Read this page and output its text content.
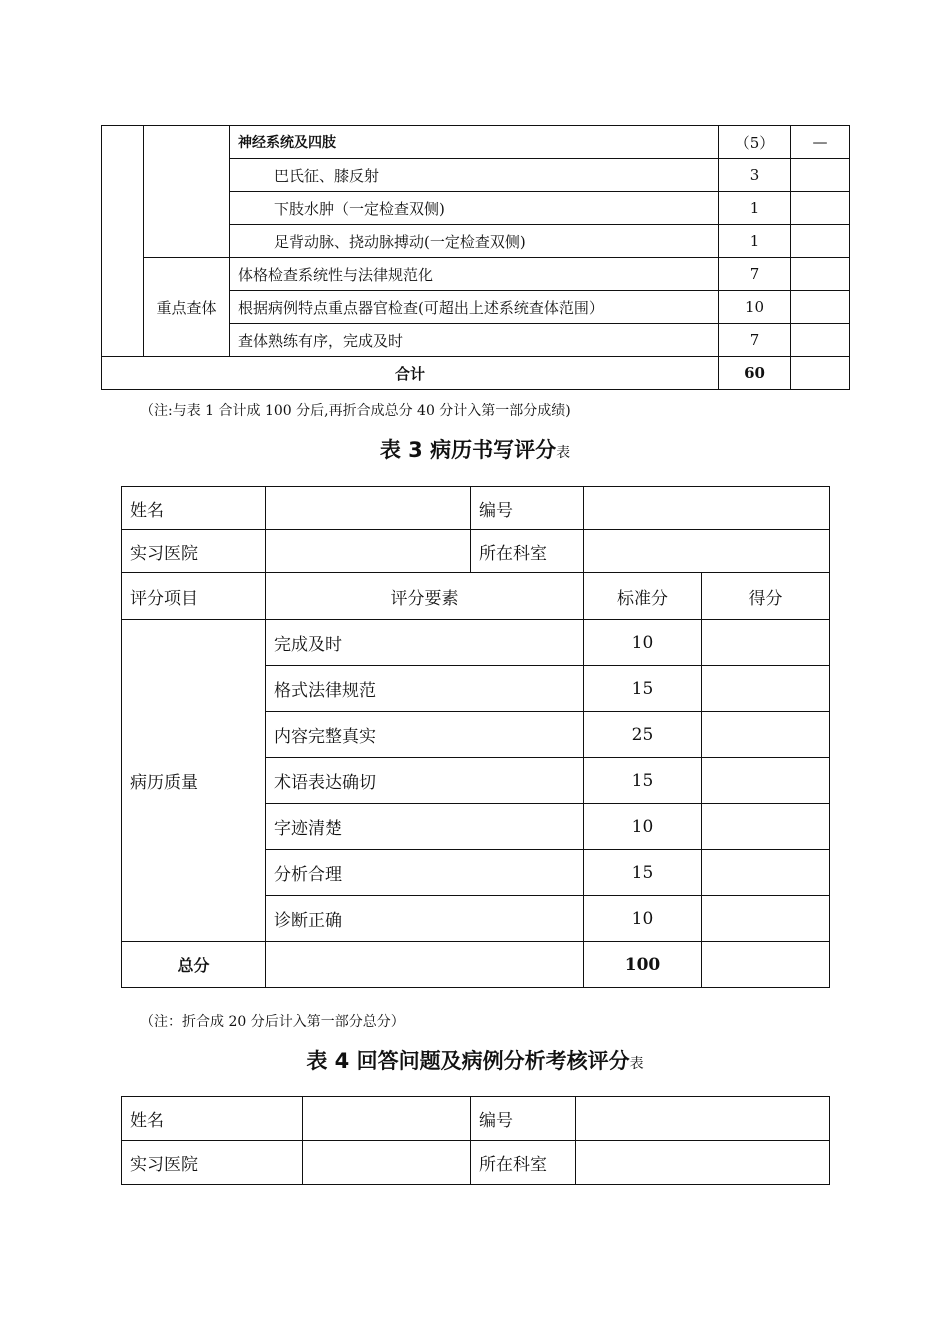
		神经系统及四肢	（5）	—
		巴氏征、膝反射	3	
		下肢水肿（一定检查双侧)	1	
		足背动脉、挠动脉搏动(一定检查双侧)	1	
	重点查体	体格检查系统性与法律规范化	7	
		根据病例特点重点器官检查(可超出上述系统查体范围）	10	
		查体熟练有序，完成及时	7	
合计			60	
（注:与表 1 合计成 100 分后,再折合成总分 40 分计入第一部分成绩)
表 3 病历书写评分表
姓名		编号		
实习医院		所在科室		
评分项目	评分要素		标准分	得分
病历质量	完成及时		10	
	格式法律规范		15	
	内容完整真实		25	
	术语表达确切		15	
	字迹清楚		10	
	分析合理		15	
	诊断正确		10	
总分			100	
（注：折合成 20 分后计入第一部分总分）
表 4 回答问题及病例分析考核评分表
姓名		编号	
实习医院		所在科室	
